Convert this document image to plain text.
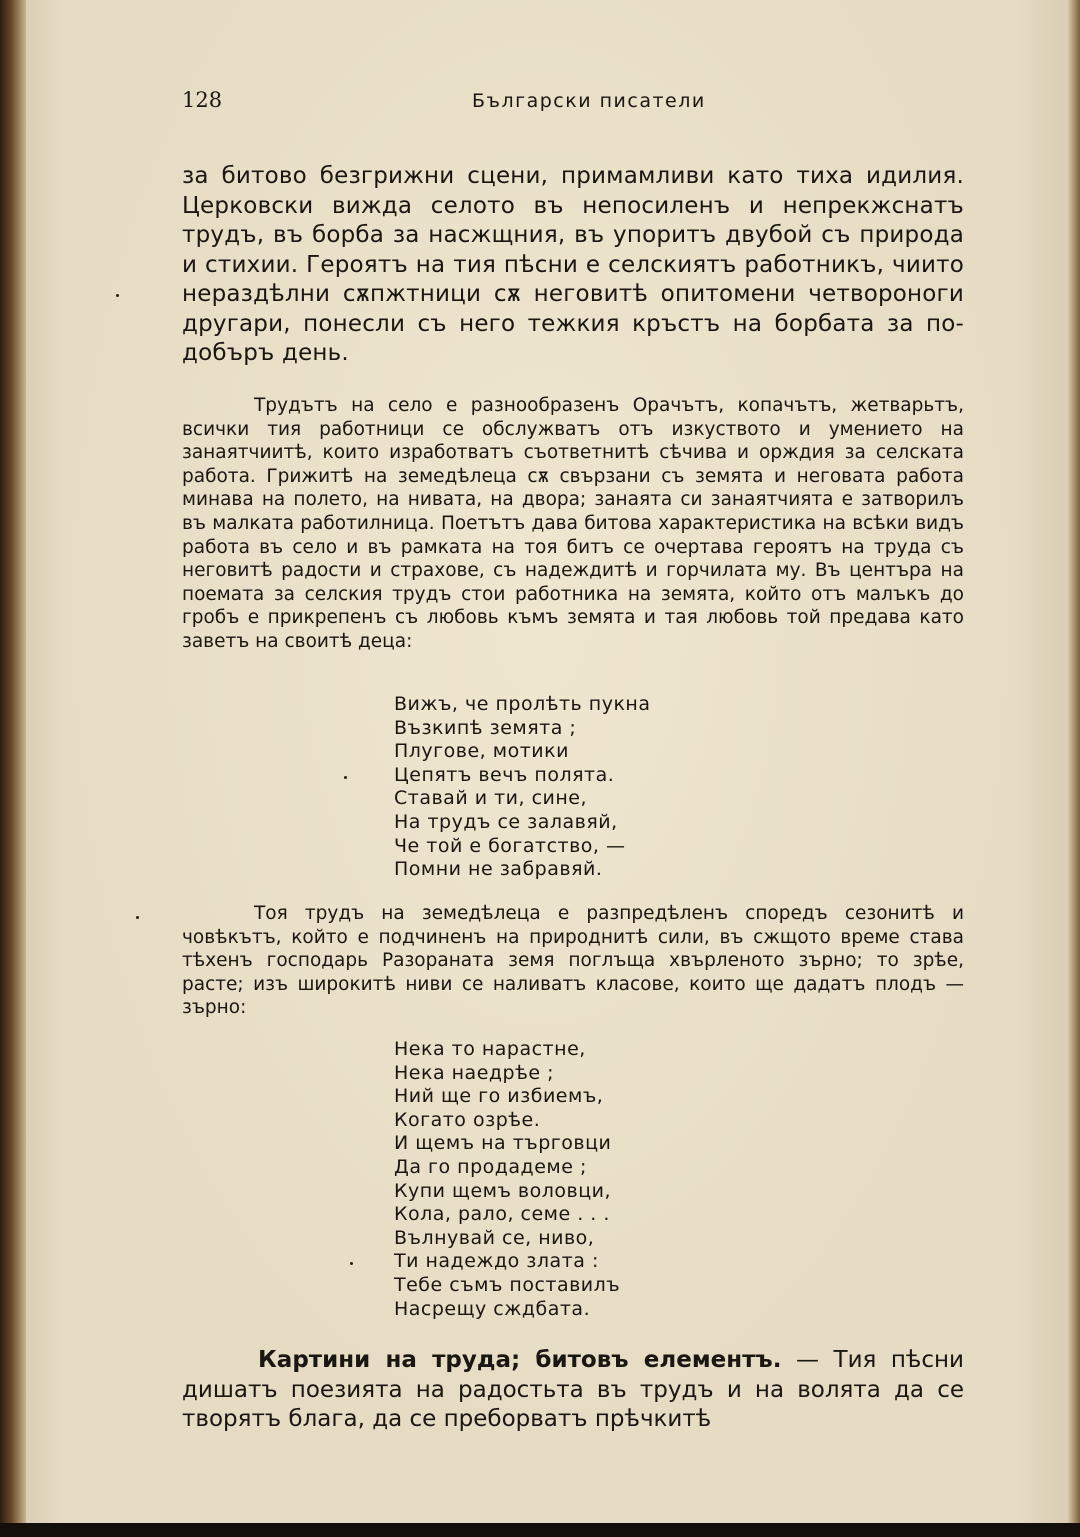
128	Български писатели

за битово безгрижни сцени, примамливи като тиха идилия. Церковски вижда селото въ непосиленъ и непрекжснатъ трудъ, въ борба за насжщния, въ упоритъ двубой съ природа и стихии. Героятъ на тия пѣсни е селскиятъ работникъ, чиито нераздѣлни сѫпжтници сѫ неговитѣ опитомени четвороноги другари, понесли съ него тежкия кръстъ на борбата за по-добъръ день.

Трудътъ на село е разнообразенъ Орачътъ, копачътъ, жетварьтъ, всички тия работници се обслужватъ отъ изкуството и умението на занаятчиитѣ, които изработватъ съответнитѣ сѣчива и орждия за селската работа. Грижитѣ на земедѣлеца сѫ свързани съ земята и неговата работа минава на полето, на нивата, на двора; занаята си занаятчията е затворилъ въ малката работилница. Поетътъ дава битова характеристика на всѣки видъ работа въ село и въ рамката на тоя битъ се очертава героятъ на труда съ неговитѣ радости и страхове, съ надеждитѣ и горчилата му. Въ центъра на поемата за селския трудъ стои работника на земята, който отъ малъкъ до гробъ е прикрепенъ съ любовь къмъ земята и тая любовь той предава като заветъ на своитѣ деца:

Вижъ, че пролѣть пукна
Възкипѣ земята ;
Плугове, мотики
Цепятъ вечъ полята.
Ставай и ти, сине,
На трудъ се залавяй,
Че той е богатство, —
Помни не забравяй.

Тоя трудъ на земедѣлеца е разпредѣленъ споредъ сезонитѣ и човѣкътъ, който е подчиненъ на природнитѣ сили, въ сжщото време става тѣхенъ господарь Разораната земя поглъща хвърленото зърно; то зрѣе, расте; изъ широкитѣ ниви се наливатъ класове, които ще дадатъ плодъ — зърно:

Нека то нарастне,
Нека наедрѣе ;
Ний ще го избиемъ,
Когато озрѣе.
И щемъ на търговци
Да го продадеме ;
Купи щемъ воловци,
Кола, рало, семе . . .
Вълнувай се, ниво,
Ти надеждо злата :
Тебе съмъ поставилъ
Насрещу сждбата.

Картини на труда; битовъ елементъ. — Тия пѣсни дишатъ поезията на радостьта въ трудъ и на волята да се творятъ блага, да се преборватъ прѣчкитѣ
